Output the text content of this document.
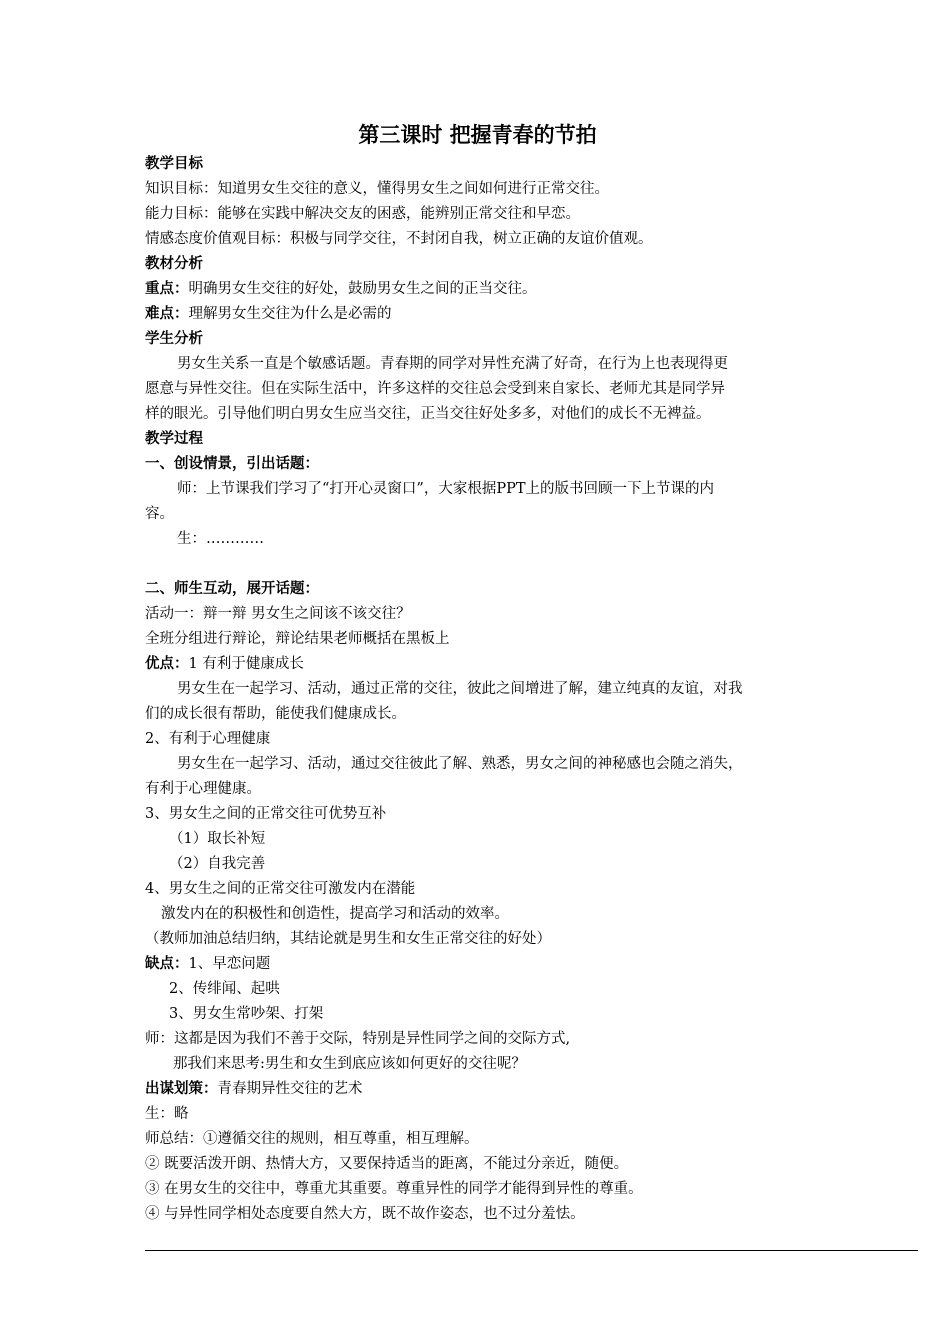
第三课时 把握青春的节拍
教学目标
知识目标：知道男女生交往的意义，懂得男女生之间如何进行正常交往。
能力目标：能够在实践中解决交友的困惑，能辨别正常交往和早恋。
情感态度价值观目标：积极与同学交往，不封闭自我，树立正确的友谊价值观。
教材分析
重点：明确男女生交往的好处，鼓励男女生之间的正当交往。
难点：理解男女生交往为什么是必需的
学生分析
男女生关系一直是个敏感话题。青春期的同学对异性充满了好奇，在行为上也表现得更
愿意与异性交往。但在实际生活中，许多这样的交往总会受到来自家长、老师尤其是同学异
样的眼光。引导他们明白男女生应当交往，正当交往好处多多，对他们的成长不无裨益。
教学过程
一、创设情景，引出话题：
师：上节课我们学习了“打开心灵窗口”，大家根据PPT上的版书回顾一下上节课的内
容。
生：…………
二、师生互动，展开话题：
活动一：辩一辩 男女生之间该不该交往？
全班分组进行辩论，辩论结果老师概括在黑板上
优点：1 有利于健康成长
男女生在一起学习、活动，通过正常的交往，彼此之间增进了解，建立纯真的友谊，对我
们的成长很有帮助，能使我们健康成长。
2、有利于心理健康
男女生在一起学习、活动，通过交往彼此了解、熟悉，男女之间的神秘感也会随之消失，
有利于心理健康。
3、男女生之间的正常交往可优势互补
（1）取长补短
（2）自我完善
4、男女生之间的正常交往可激发内在潜能
激发内在的积极性和创造性，提高学习和活动的效率。
（教师加油总结归纳，其结论就是男生和女生正常交往的好处）
缺点：1、早恋问题
2、传绯闻、起哄
3、男女生常吵架、打架
师：这都是因为我们不善于交际，特别是异性同学之间的交际方式,
那我们来思考:男生和女生到底应该如何更好的交往呢？
出谋划策：青春期异性交往的艺术
生：略
师总结：①遵循交往的规则，相互尊重，相互理解。
② 既要活泼开朗、热情大方，又要保持适当的距离，不能过分亲近，随便。
③ 在男女生的交往中，尊重尤其重要。尊重异性的同学才能得到异性的尊重。
④ 与异性同学相处态度要自然大方，既不故作姿态，也不过分羞怯。
